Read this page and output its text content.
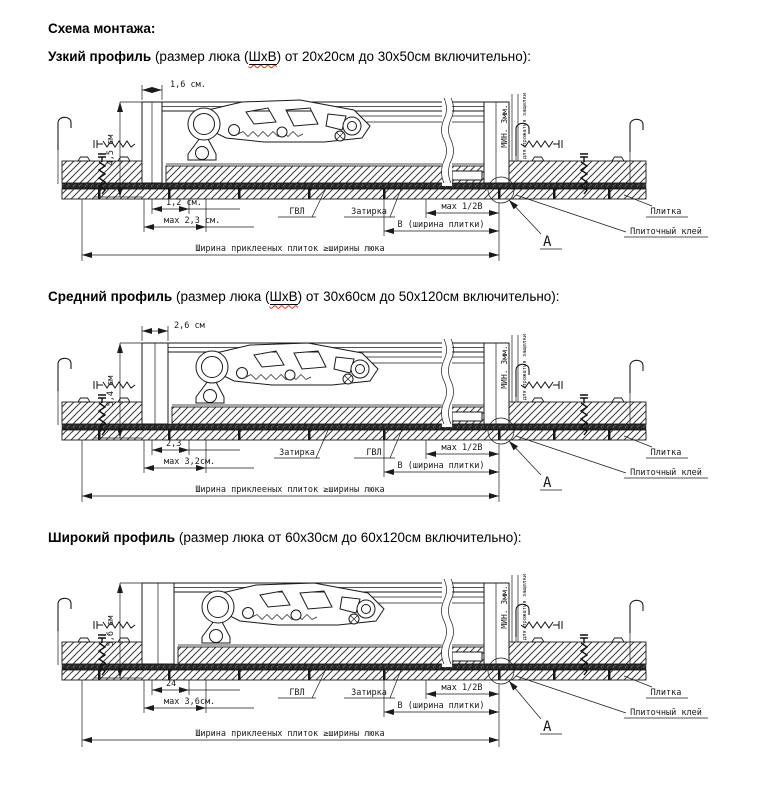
Схема монтажа:

Узкий профиль (размер люка (ШхВ) от 20х20см до 30х50см включительно):

1,6 см.
4,5 см
1,2 см.
мах 2,3 см.
ГВЛ	Затирка	мах 1/2В
В (ширина плитки)
Ширина приклееных плиток ≥ширины люка
МИН. 3мм. для прожатия защелки
А
Плитка
Плиточный клей

Средний профиль (размер люка (ШхВ) от 30х60см до 50х120см включительно):

2,6 см
5,4 см
2,3
мах 3,2см.
Затирка	ГВЛ	мах 1/2В
В (ширина плитки)
Ширина приклееных плиток ≥ширины люка
МИН. 3мм. для прожатия защелки
А
Плитка
Плиточный клей

Широкий профиль (размер люка от 60х30см до 60х120см включительно):

5,6 см
24
мах 3,6см.
ГВЛ	Затирка	мах 1/2В
В (ширина плитки)
Ширина приклееных плиток ≥ширины люка
МИН. 3мм. для прожатия защелки
А
Плитка
Плиточный клей
